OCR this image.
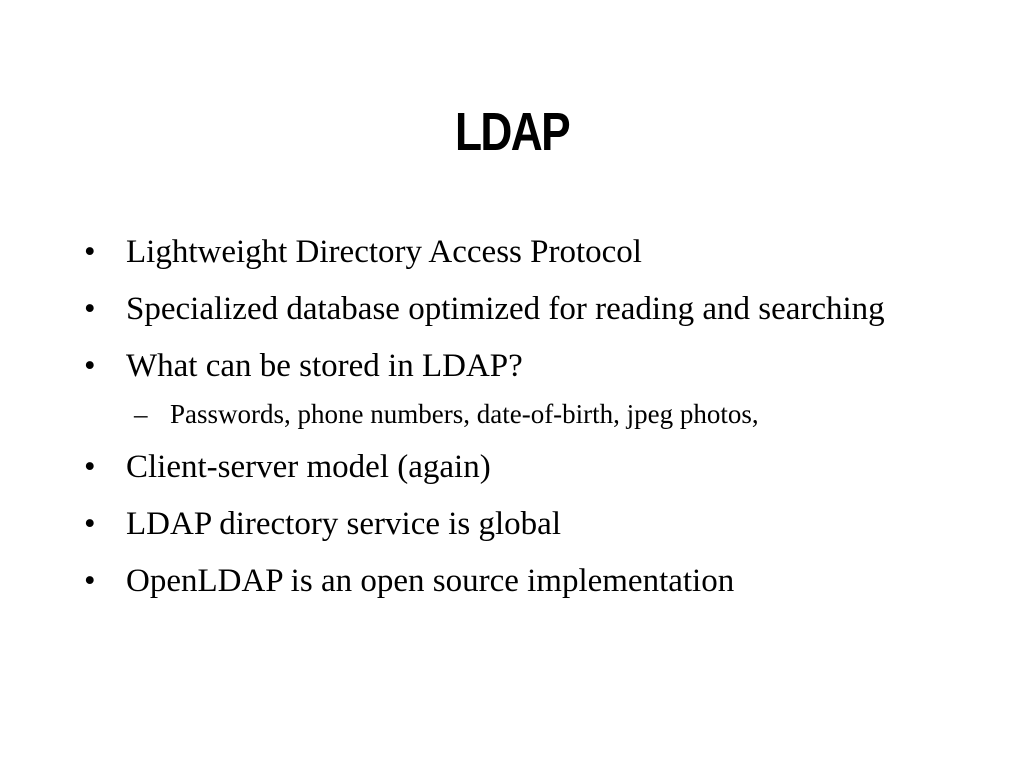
LDAP
• Lightweight Directory Access Protocol
• Specialized database optimized for reading and searching
• What can be stored in LDAP?
– Passwords, phone numbers, date-of-birth, jpeg photos,
• Client-server model (again)
• LDAP directory service is global
• OpenLDAP is an open source implementation
